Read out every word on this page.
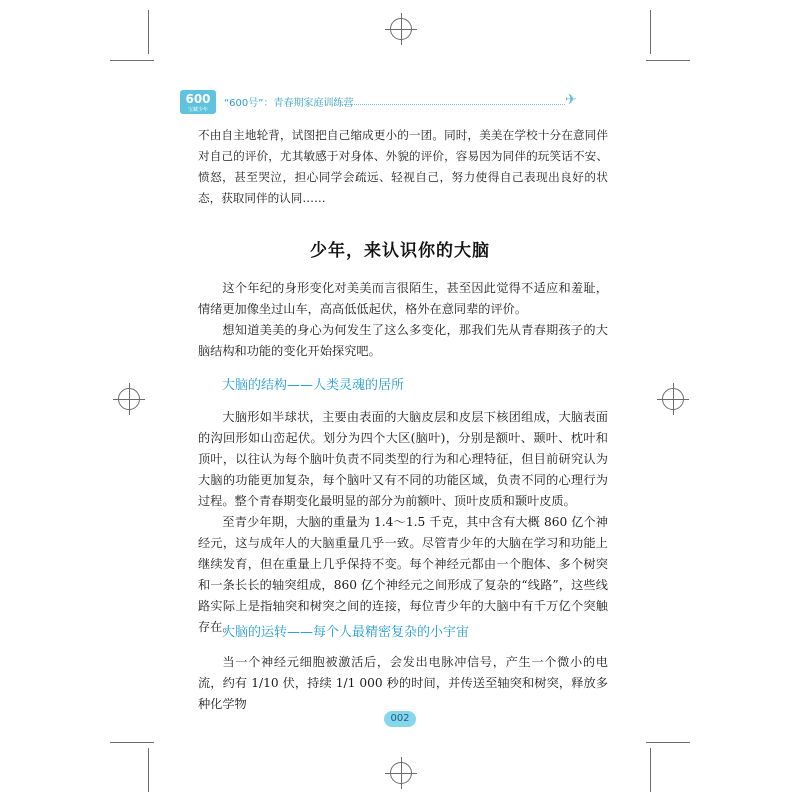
600
宝藏少年
“600号”：青春期家庭训练营	✈

不由自主地轮背，试图把自己缩成更小的一团。同时，美美在学校十分在意同伴对自己的评价，尤其敏感于对身体、外貌的评价，容易因为同伴的玩笑话不安、愤怒，甚至哭泣，担心同学会疏远、轻视自己，努力使得自己表现出良好的状态，获取同伴的认同……

少年，来认识你的大脑

这个年纪的身形变化对美美而言很陌生，甚至因此觉得不适应和羞耻，情绪更加像坐过山车，高高低低起伏，格外在意同辈的评价。

想知道美美的身心为何发生了这么多变化，那我们先从青春期孩子的大脑结构和功能的变化开始探究吧。

大脑的结构——人类灵魂的居所

大脑形如半球状，主要由表面的大脑皮层和皮层下核团组成，大脑表面的沟回形如山峦起伏。划分为四个大区(脑叶)，分别是额叶、颞叶、枕叶和顶叶，以往认为每个脑叶负责不同类型的行为和心理特征，但目前研究认为大脑的功能更加复杂，每个脑叶又有不同的功能区域，负责不同的心理行为过程。整个青春期变化最明显的部分为前额叶、顶叶皮质和颞叶皮质。

至青少年期，大脑的重量为 1.4～1.5 千克，其中含有大概 860 亿个神经元，这与成年人的大脑重量几乎一致。尽管青少年的大脑在学习和功能上继续发育，但在重量上几乎保持不变。每个神经元都由一个胞体、多个树突和一条长长的轴突组成，860 亿个神经元之间形成了复杂的“线路”，这些线路实际上是指轴突和树突之间的连接，每位青少年的大脑中有千万亿个突触存在。

大脑的运转——每个人最精密复杂的小宇宙

当一个神经元细胞被激活后，会发出电脉冲信号，产生一个微小的电流，约有 1/10 伏，持续 1/1 000 秒的时间，并传送至轴突和树突，释放多种化学物

002
